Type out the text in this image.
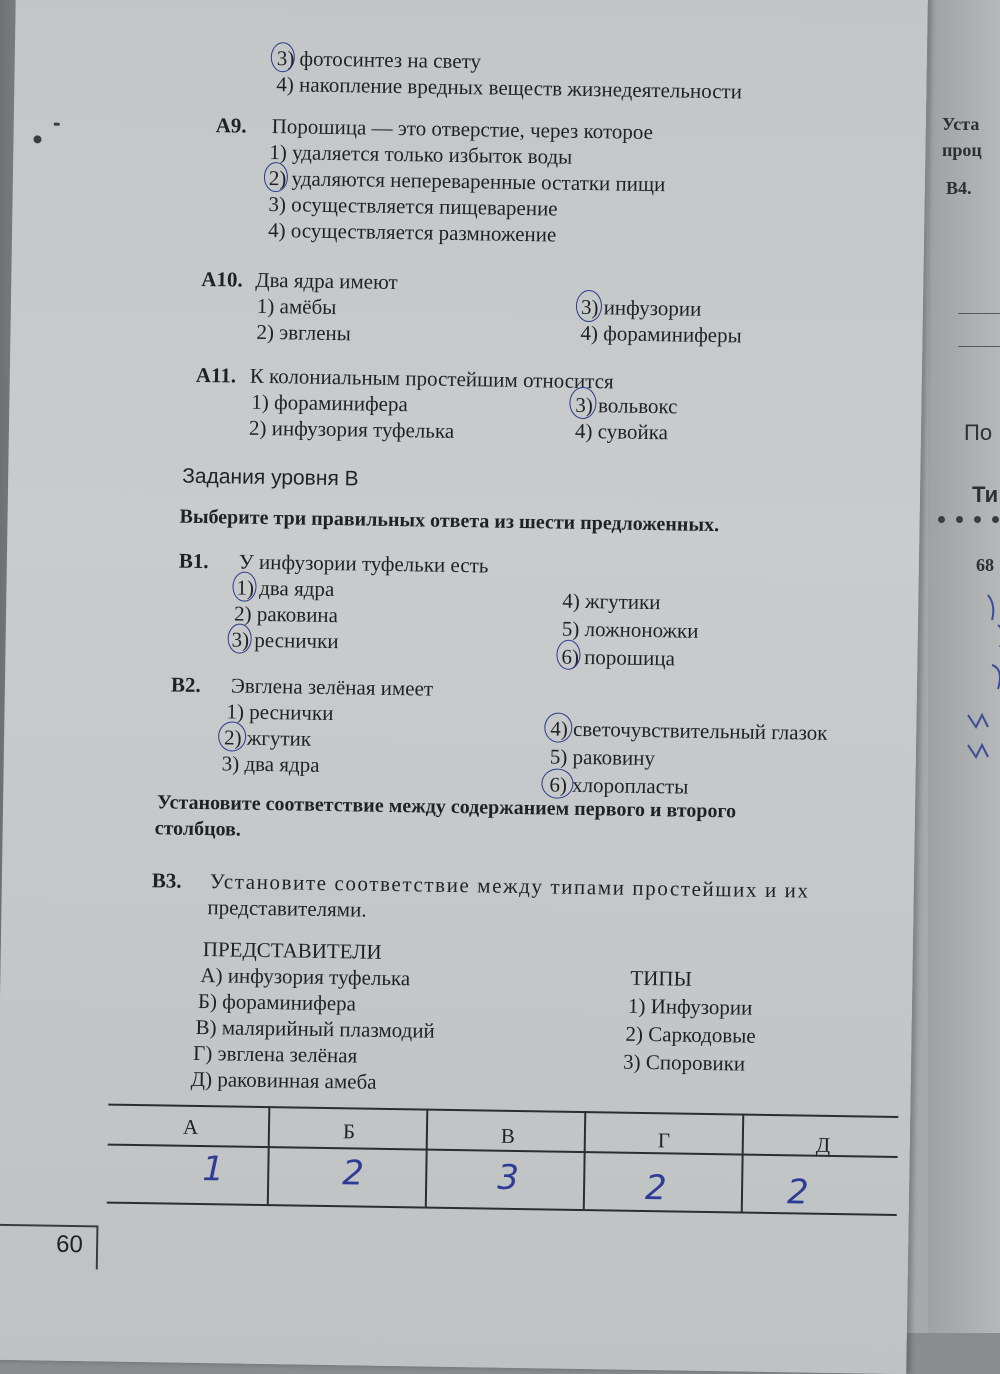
Уста
проц
В4.
По
Ти
68
3) фотосинтез на свету
4) накопление вредных веществ жизнедеятельности
А9. Порошица — это отверстие, через которое
1) удаляется только избыток воды
2) удаляются непереваренные остатки пищи
3) осуществляется пищеварение
4) осуществляется размножение
А10. Два ядра имеют
1) амёбы
2) эвглены
3) инфузории
4) фораминиферы
А11. К колониальным простейшим относится
1) фораминифера
2) инфузория туфелька
3) вольвокс
4) сувойка
Задания уровня В
Выберите три правильных ответа из шести предложенных.
В1. У инфузории туфельки есть
1) два ядра
2) раковина
3) реснички
4) жгутики
5) ложноножки
6) порошица
В2. Эвглена зелёная имеет
1) реснички
2) жгутик
3) два ядра
4) светочувствительный глазок
5) раковину
6) хлоропласты
Установите соответствие между содержанием первого и второго
столбцов.
В3. Установите соответствие между типами простейших и их
представителями.
ПРЕДСТАВИТЕЛИ
А) инфузория туфелька
Б) фораминифера
В) малярийный плазмодий
Г) эвглена зелёная
Д) раковинная амеба
ТИПЫ
1) Инфузории
2) Саркодовые
3) Споровики
А	Б	В	Г	Д
1	2	3	2	2
60
